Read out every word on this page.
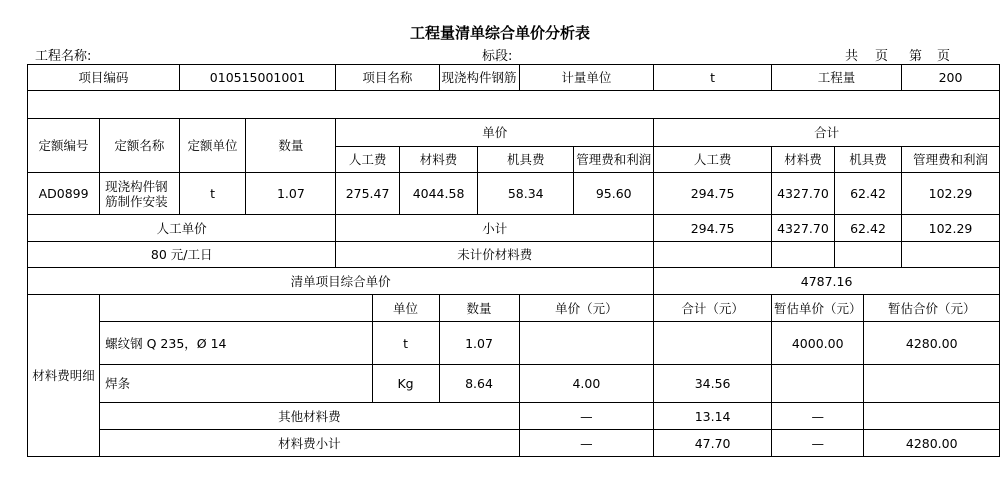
工程量清单综合单价分析表
工程名称:	标段:	共 页 第 页
项目编码		010515001001		项目名称			现浇构件钢筋		计量单位		t	工程量			200

定额编号	定额名称	定额单位	数量	单价							合计				
				人工费		材料费		机具费		管理费和利润	人工费	材料费	机具费		管理费和利润
AD0899	现浇构件钢筋制作安装	t	1.07	275.47		4044.58		58.34		95.60	294.75	4327.70	62.42		102.29
人工单价				小计							294.75	4327.70	62.42		102.29
80 元/工日				未计价材料费											
清单项目综合单价											4787.16				
材料费明细					单位		数量		单价（元）		合计（元）	暂估单价（元）		暂估合价（元）	
	螺纹钢 Q 235，Ø 14				t		1.07					4000.00		4280.00	
	焊条				Kg		8.64		4.00		34.56				
	其他材料费								—		13.14	—			
	材料费小计								—		47.70	—		4280.00	
